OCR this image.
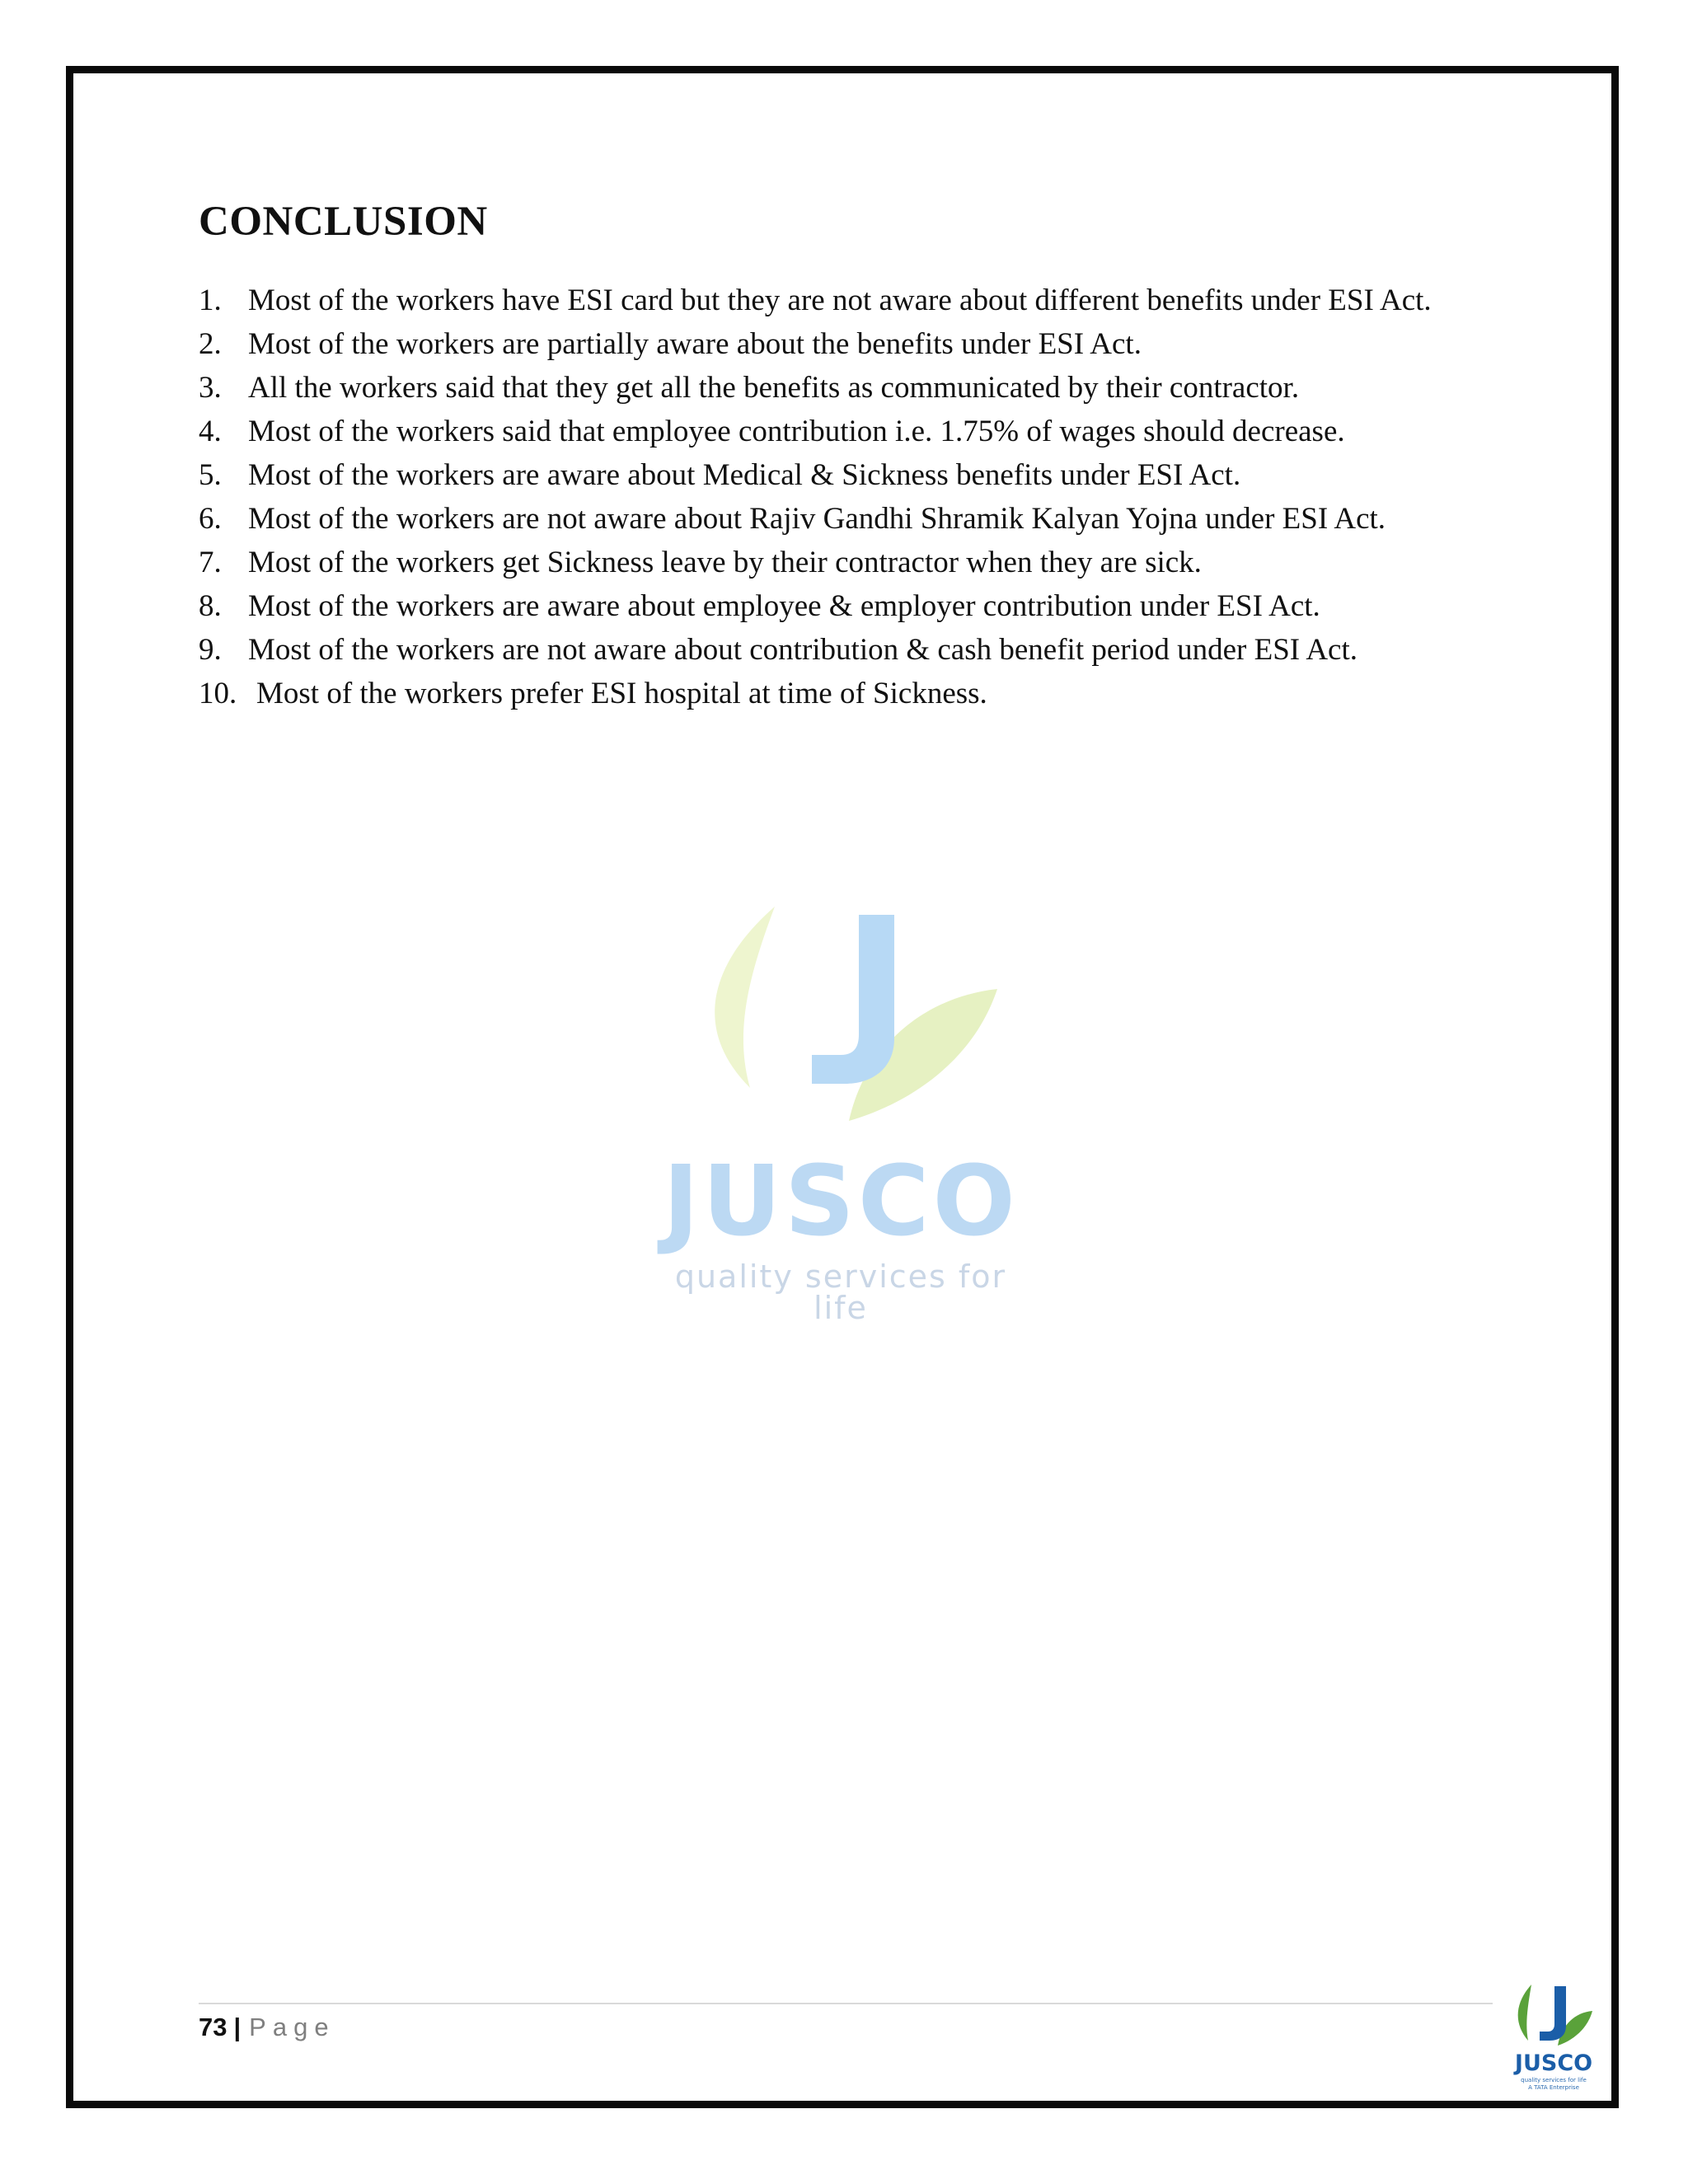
CONCLUSION
1. Most of the workers have ESI card but they are not aware about different benefits under ESI Act.
2. Most of the workers are partially aware about the benefits under ESI Act.
3. All the workers said that they get all the benefits as communicated by their contractor.
4. Most of the workers said that employee contribution i.e. 1.75% of wages should decrease.
5. Most of the workers are aware about Medical & Sickness benefits under ESI Act.
6. Most of the workers are not aware about Rajiv Gandhi Shramik Kalyan Yojna under ESI Act.
7. Most of the workers get Sickness leave by their contractor when they are sick.
8. Most of the workers are aware about employee & employer contribution under ESI Act.
9. Most of the workers are not aware about contribution & cash benefit period under ESI Act.
10. Most of the workers prefer ESI hospital at time of Sickness.
JUSCO
quality services for life
73 | Page
JUSCO
quality services for life
A TATA Enterprise
